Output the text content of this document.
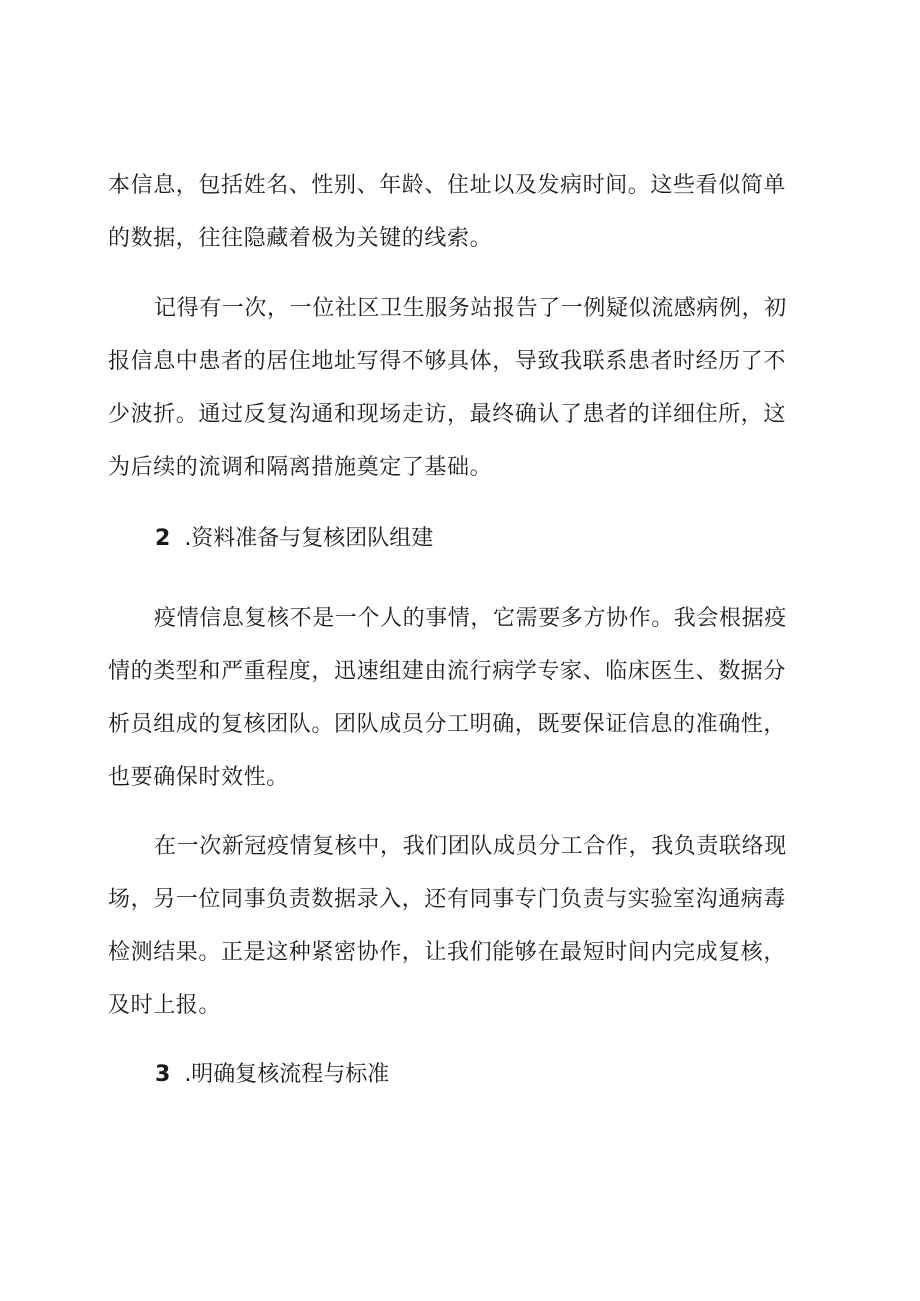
本信息，包括姓名、性别、年龄、住址以及发病时间。这些看似简单

的数据，往往隐藏着极为关键的线索。

记得有一次，一位社区卫生服务站报告了一例疑似流感病例，初

报信息中患者的居住地址写得不够具体，导致我联系患者时经历了不

少波折。通过反复沟通和现场走访，最终确认了患者的详细住所，这

为后续的流调和隔离措施奠定了基础。

2 .资料准备与复核团队组建

疫情信息复核不是一个人的事情，它需要多方协作。我会根据疫

情的类型和严重程度，迅速组建由流行病学专家、临床医生、数据分

析员组成的复核团队。团队成员分工明确，既要保证信息的准确性，

也要确保时效性。

在一次新冠疫情复核中，我们团队成员分工合作，我负责联络现

场，另一位同事负责数据录入，还有同事专门负责与实验室沟通病毒

检测结果。正是这种紧密协作，让我们能够在最短时间内完成复核，

及时上报。

3 .明确复核流程与标准
